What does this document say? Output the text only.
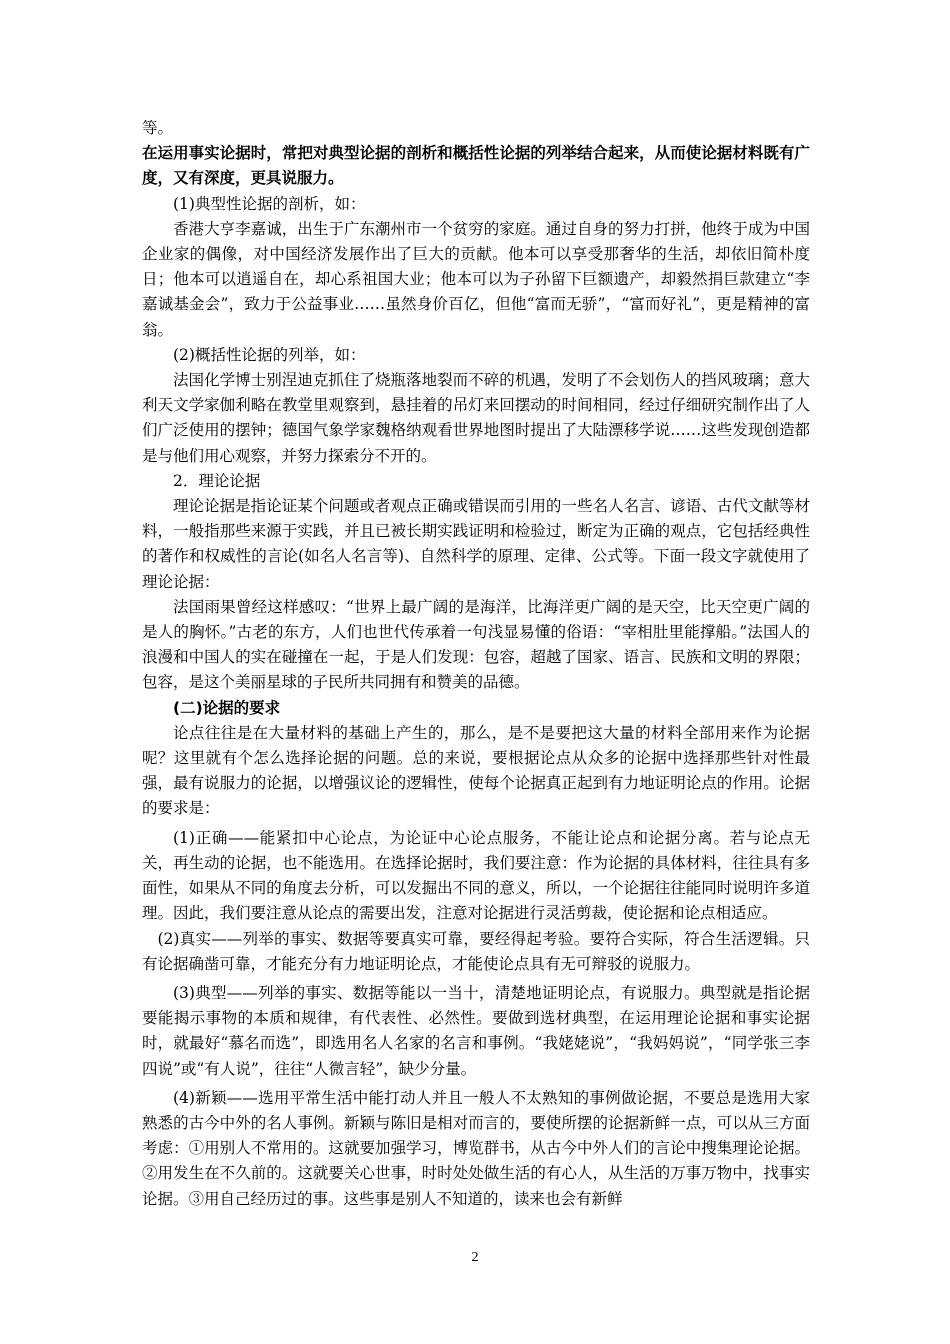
等。

在运用事实论据时，常把对典型论据的剖析和概括性论据的列举结合起来，从而使论据材料既有广度，又有深度，更具说服力。

(1)典型性论据的剖析，如：

香港大亨李嘉诚，出生于广东潮州市一个贫穷的家庭。通过自身的努力打拼，他终于成为中国企业家的偶像，对中国经济发展作出了巨大的贡献。他本可以享受那奢华的生活，却依旧简朴度日；他本可以逍遥自在，却心系祖国大业；他本可以为子孙留下巨额遗产，却毅然捐巨款建立“李嘉诚基金会”，致力于公益事业……虽然身价百亿，但他“富而无骄”，“富而好礼”，更是精神的富翁。

(2)概括性论据的列举，如：

法国化学博士别涅迪克抓住了烧瓶落地裂而不碎的机遇，发明了不会划伤人的挡风玻璃；意大利天文学家伽利略在教堂里观察到，悬挂着的吊灯来回摆动的时间相同，经过仔细研究制作出了人们广泛使用的摆钟；德国气象学家魏格纳观看世界地图时提出了大陆漂移学说……这些发现创造都是与他们用心观察，并努力探索分不开的。

2．理论论据

理论论据是指论证某个问题或者观点正确或错误而引用的一些名人名言、谚语、古代文献等材料，一般指那些来源于实践，并且已被长期实践证明和检验过，断定为正确的观点，它包括经典性的著作和权威性的言论(如名人名言等)、自然科学的原理、定律、公式等。下面一段文字就使用了理论论据：

法国雨果曾经这样感叹：“世界上最广阔的是海洋，比海洋更广阔的是天空，比天空更广阔的是人的胸怀。”古老的东方，人们也世代传承着一句浅显易懂的俗语：“宰相肚里能撑船。”法国人的浪漫和中国人的实在碰撞在一起，于是人们发现：包容，超越了国家、语言、民族和文明的界限；包容，是这个美丽星球的子民所共同拥有和赞美的品德。

(二)论据的要求

论点往往是在大量材料的基础上产生的，那么，是不是要把这大量的材料全部用来作为论据呢？这里就有个怎么选择论据的问题。总的来说，要根据论点从众多的论据中选择那些针对性最强，最有说服力的论据，以增强议论的逻辑性，使每个论据真正起到有力地证明论点的作用。论据的要求是：

(1)正确——能紧扣中心论点，为论证中心论点服务，不能让论点和论据分离。若与论点无关，再生动的论据，也不能选用。在选择论据时，我们要注意：作为论据的具体材料，往往具有多面性，如果从不同的角度去分析，可以发掘出不同的意义，所以，一个论据往往能同时说明许多道理。因此，我们要注意从论点的需要出发，注意对论据进行灵活剪裁，使论据和论点相适应。

(2)真实——列举的事实、数据等要真实可靠，要经得起考验。要符合实际，符合生活逻辑。只有论据确凿可靠，才能充分有力地证明论点，才能使论点具有无可辩驳的说服力。

(3)典型——列举的事实、数据等能以一当十，清楚地证明论点，有说服力。典型就是指论据要能揭示事物的本质和规律，有代表性、必然性。要做到选材典型，在运用理论论据和事实论据时，就最好“慕名而选”，即选用名人名家的名言和事例。“我姥姥说”，“我妈妈说”，“同学张三李四说”或“有人说”，往往“人微言轻”，缺少分量。

(4)新颖——选用平常生活中能打动人并且一般人不太熟知的事例做论据，不要总是选用大家熟悉的古今中外的名人事例。新颖与陈旧是相对而言的，要使所摆的论据新鲜一点，可以从三方面考虑：①用别人不常用的。这就要加强学习，博览群书，从古今中外人们的言论中搜集理论论据。②用发生在不久前的。这就要关心世事，时时处处做生活的有心人，从生活的万事万物中，找事实论据。③用自己经历过的事。这些事是别人不知道的，读来也会有新鲜

2
